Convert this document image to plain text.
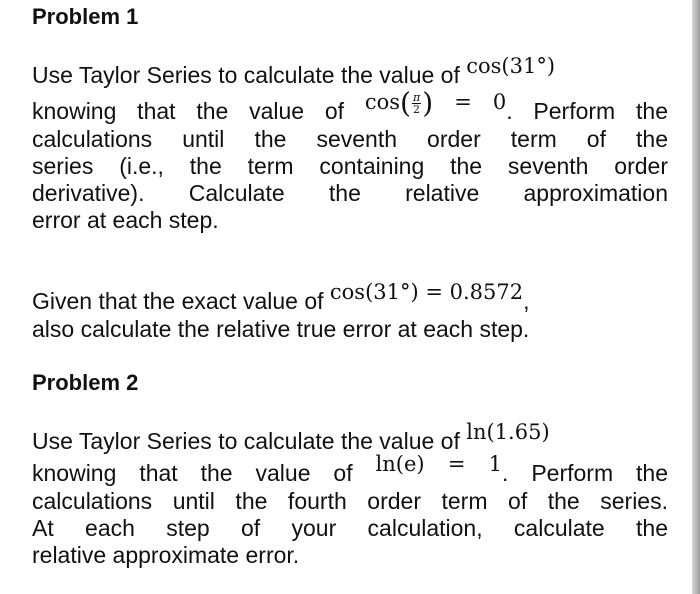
Problem 1
Use Taylor Series to calculate the value of cos(31°)
knowing that the value of $\cos( \frac{\pi}{2}$ ) = 0. Perform the
calculations until the seventh order term of the
series (i.e., the term containing the seventh order
derivative). Calculate the relative approximation
error at each step.
Given that the exact value of cos(31°) = 0.8572,
also calculate the relative true error at each step.
Problem 2
Use Taylor Series to calculate the value of ln(1.65)
knowing that the value of ln(e) = 1. Perform the
calculations until the fourth order term of the series.
At each step of your calculation, calculate the
relative approximate error.
